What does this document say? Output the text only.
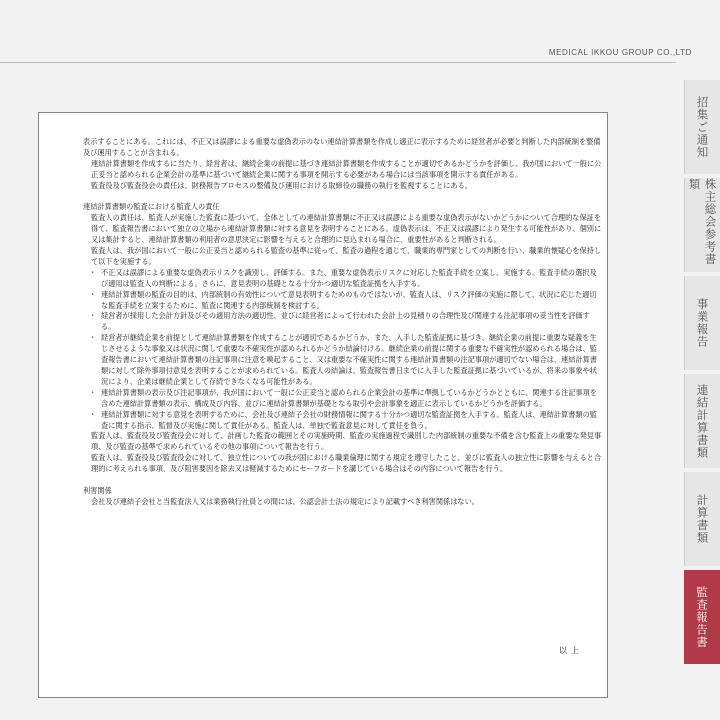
MEDICAL IKKOU GROUP CO.,LTD

表示することにある。これには、不正又は誤謬による重要な虚偽表示のない連結計算書類を作成し適正に表示するために経営者が必要と判断した内部統制を整備及び運用することが含まれる。

連結計算書類を作成するに当たり、経営者は、継続企業の前提に基づき連結計算書類を作成することが適切であるかどうかを評価し、我が国において一般に公正妥当と認められる企業会計の基準に基づいて継続企業に関する事項を開示する必要がある場合には当該事項を開示する責任がある。

監査役及び監査役会の責任は、財務報告プロセスの整備及び運用における取締役の職務の執行を監視することにある。

連結計算書類の監査における監査人の責任

監査人の責任は、監査人が実施した監査に基づいて、全体としての連結計算書類に不正又は誤謬による重要な虚偽表示がないかどうかについて合理的な保証を得て、監査報告書において独立の立場から連結計算書類に対する意見を表明することにある。虚偽表示は、不正又は誤謬により発生する可能性があり、個別に又は集計すると、連結計算書類の利用者の意思決定に影響を与えると合理的に見込まれる場合に、重要性があると判断される。

監査人は、我が国において一般に公正妥当と認められる監査の基準に従って、監査の過程を通じて、職業的専門家としての判断を行い、職業的懐疑心を保持して以下を実施する。

・ 不正又は誤謬による重要な虚偽表示リスクを識別し、評価する。また、重要な虚偽表示リスクに対応した監査手続を立案し、実施する。監査手続の選択及び適用は監査人の判断による。さらに、意見表明の基礎となる十分かつ適切な監査証拠を入手する。
・ 連結計算書類の監査の目的は、内部統制の有効性について意見表明するためのものではないが、監査人は、リスク評価の実施に際して、状況に応じた適切な監査手続を立案するために、監査に関連する内部統制を検討する。
・ 経営者が採用した会計方針及びその適用方法の適切性、並びに経営者によって行われた会計上の見積りの合理性及び関連する注記事項の妥当性を評価する。
・ 経営者が継続企業を前提として連結計算書類を作成することが適切であるかどうか、また、入手した監査証拠に基づき、継続企業の前提に重要な疑義を生じさせるような事象又は状況に関して重要な不確実性が認められるかどうか結論付ける。継続企業の前提に関する重要な不確実性が認められる場合は、監査報告書において連結計算書類の注記事項に注意を喚起すること、又は重要な不確実性に関する連結計算書類の注記事項が適切でない場合は、連結計算書類に対して除外事項付意見を表明することが求められている。監査人の結論は、監査報告書日までに入手した監査証拠に基づいているが、将来の事象や状況により、企業は継続企業として存続できなくなる可能性がある。
・ 連結計算書類の表示及び注記事項が、我が国において一般に公正妥当と認められる企業会計の基準に準拠しているかどうかとともに、関連する注記事項を含めた連結計算書類の表示、構成及び内容、並びに連結計算書類が基礎となる取引や会計事象を適正に表示しているかどうかを評価する。
・ 連結計算書類に対する意見を表明するために、会社及び連結子会社の財務情報に関する十分かつ適切な監査証拠を入手する。監査人は、連結計算書類の監査に関する指示、監督及び実施に関して責任がある。監査人は、単独で監査意見に対して責任を負う。

監査人は、監査役及び監査役会に対して、計画した監査の範囲とその実施時期、監査の実施過程で識別した内部統制の重要な不備を含む監査上の重要な発見事項、及び監査の基準で求められているその他の事項について報告を行う。

監査人は、監査役及び監査役会に対して、独立性についての我が国における職業倫理に関する規定を遵守したこと、並びに監査人の独立性に影響を与えると合理的に考えられる事項、及び阻害要因を除去又は軽減するためにセーフガードを講じている場合はその内容について報告を行う。

利害関係

会社及び連結子会社と当監査法人又は業務執行社員との間には、公認会計士法の規定により記載すべき利害関係はない。

以上
招集ご通知
株主総会参考書類
事業報告
連結計算書類
計算書類
監査報告書
